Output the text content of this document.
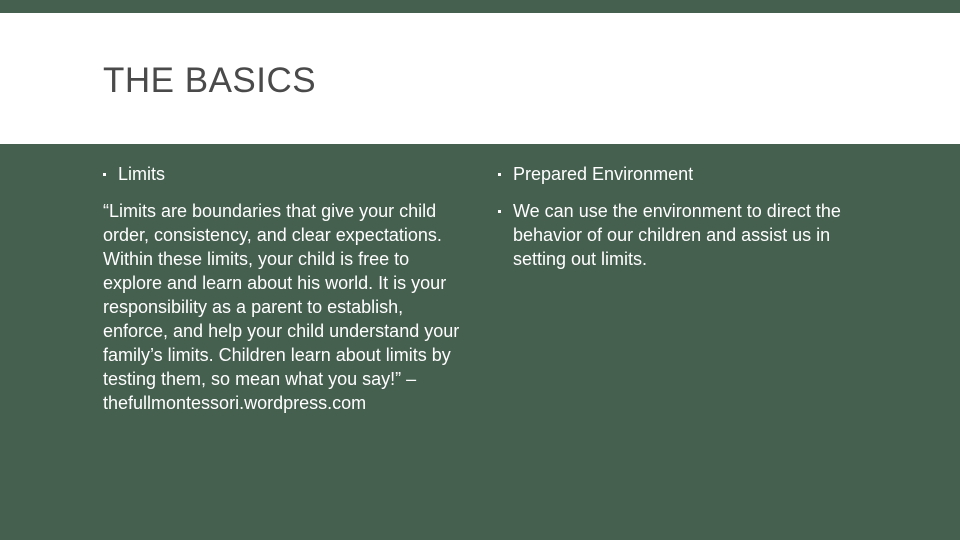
THE BASICS
Limits
“Limits are boundaries that give your child order, consistency, and clear expectations. Within these limits, your child is free to explore and learn about his world. It is your responsibility as a parent to establish, enforce, and help your child understand your family’s limits. Children learn about limits by testing them, so mean what you say!” – thefullmontessori.wordpress.com
Prepared Environment
We can use the environment to direct the behavior of our children and assist us in setting out limits.
